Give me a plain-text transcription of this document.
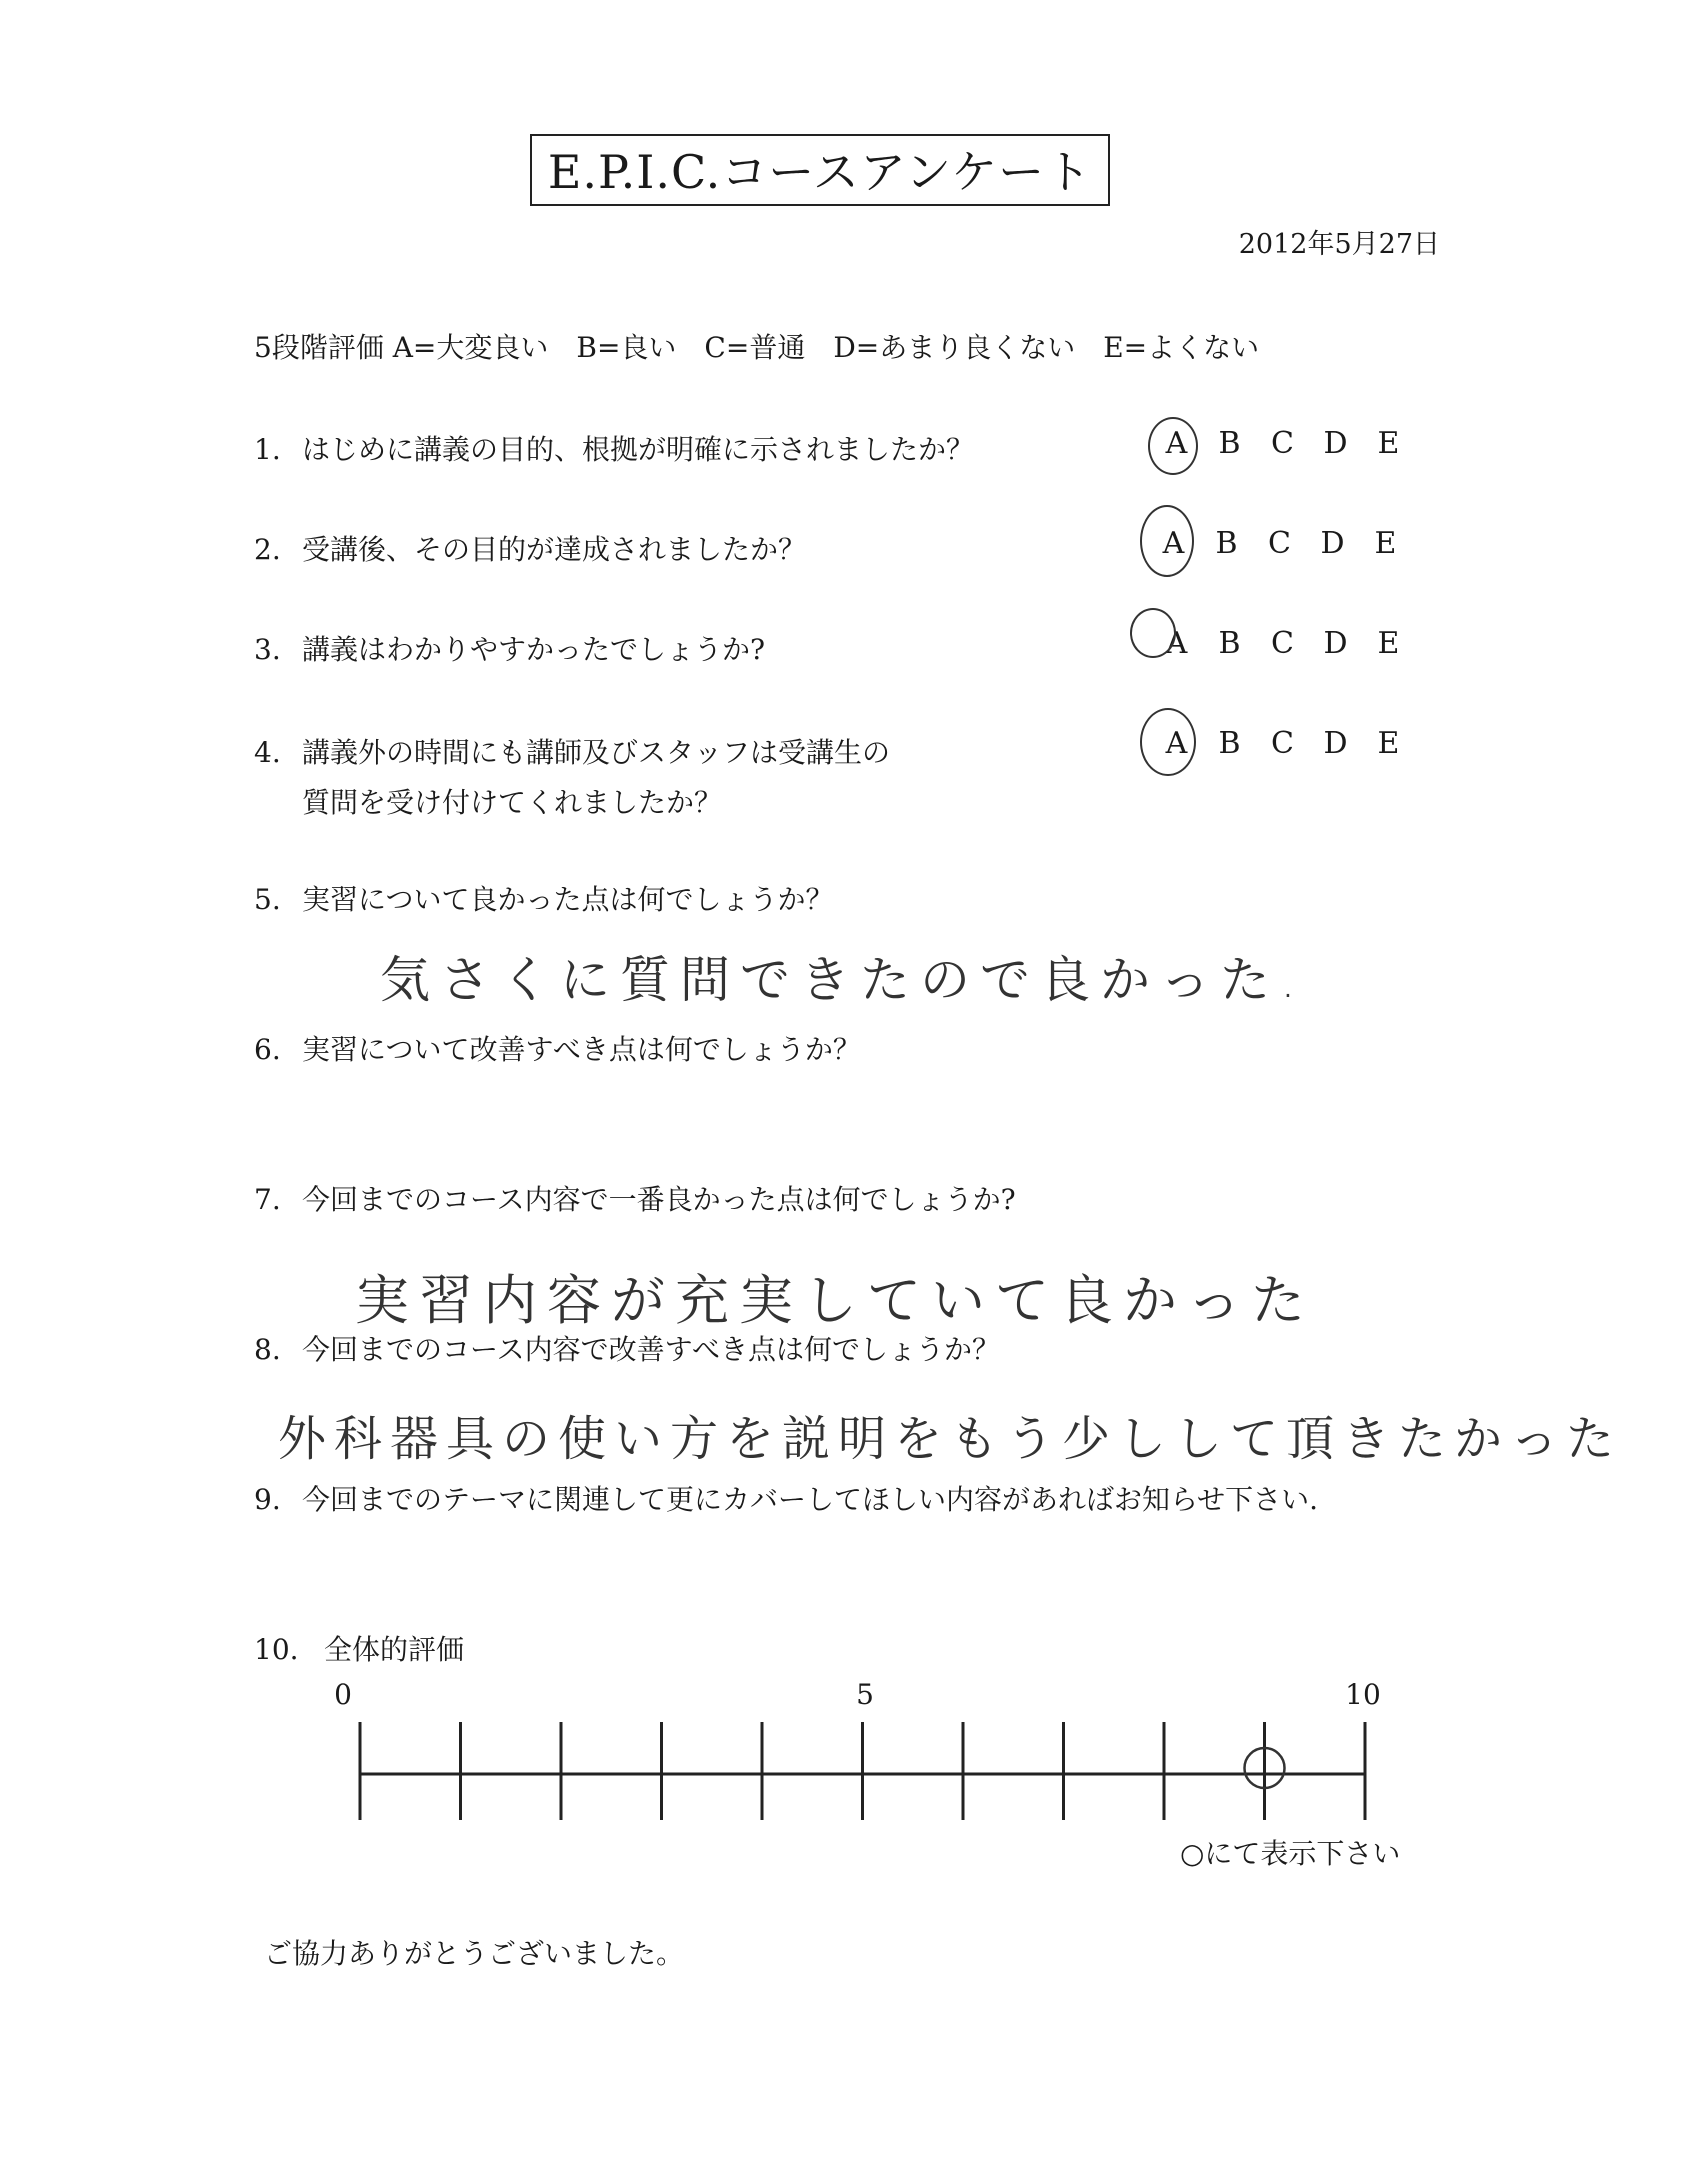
E.P.I.C.コースアンケート
2012年5月27日
5段階評価 A=大変良い　B=良い　C=普通　D=あまり良くない　E=よくない
1. はじめに講義の目的、根拠が明確に示されましたか？	A B C D E
2. 受講後、その目的が達成されましたか？	A B C D E
3. 講義はわかりやすかったでしょうか?	A B C D E
4. 講義外の時間にも講師及びスタッフは受講生の
質問を受け付けてくれましたか？
A B C D E
5. 実習について良かった点は何でしょうか？
気さくに質問できたので良かった.
6. 実習について改善すべき点は何でしょうか？
7. 今回までのコース内容で一番良かった点は何でしょうか?
実習内容が充実していて良かった
8. 今回までのコース内容で改善すべき点は何でしょうか？
外科器具の使い方を説明をもう少しして頂きたかった
9. 今回までのテーマに関連して更にカバーしてほしい内容があればお知らせ下さい.
10. 全体的評価
0	5	10
○にて表示下さい
ご協力ありがとうございました。
